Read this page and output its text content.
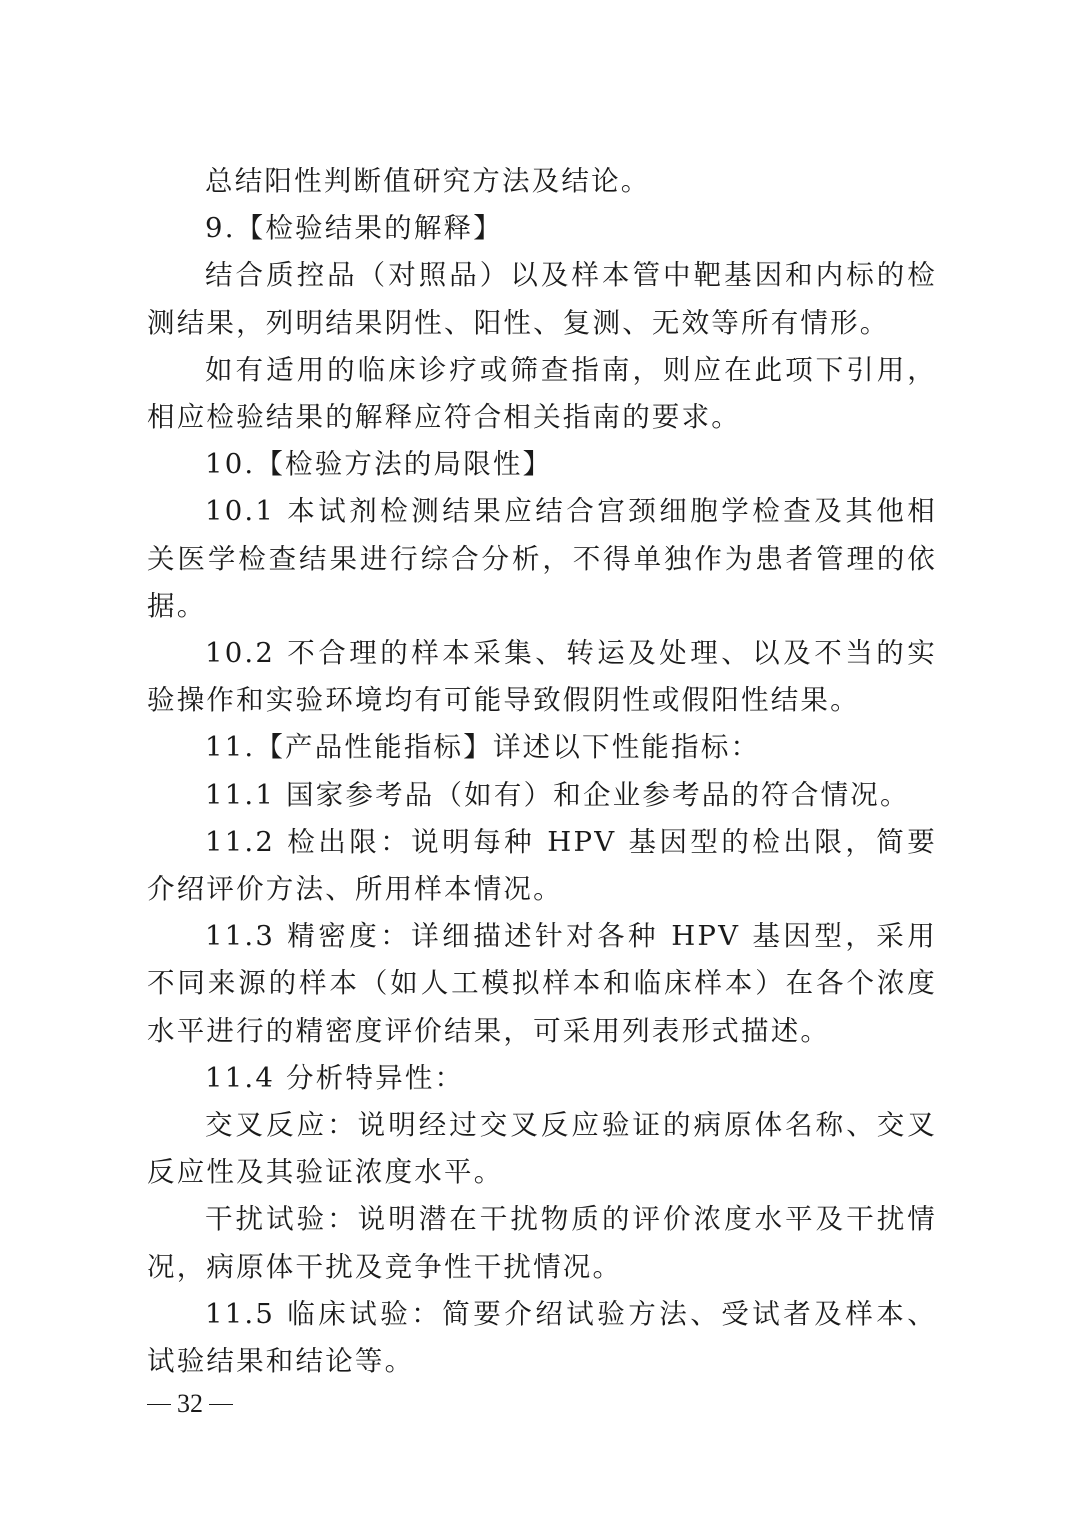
总结阳性判断值研究方法及结论。

9.【检验结果的解释】

结合质控品（对照品）以及样本管中靶基因和内标的检测结果，列明结果阴性、阳性、复测、无效等所有情形。

如有适用的临床诊疗或筛查指南，则应在此项下引用，相应检验结果的解释应符合相关指南的要求。

10.【检验方法的局限性】

10.1 本试剂检测结果应结合宫颈细胞学检查及其他相关医学检查结果进行综合分析，不得单独作为患者管理的依据。

10.2 不合理的样本采集、转运及处理、以及不当的实验操作和实验环境均有可能导致假阴性或假阳性结果。

11.【产品性能指标】详述以下性能指标：

11.1 国家参考品（如有）和企业参考品的符合情况。

11.2 检出限：说明每种 HPV 基因型的检出限，简要介绍评价方法、所用样本情况。

11.3 精密度：详细描述针对各种 HPV 基因型，采用不同来源的样本（如人工模拟样本和临床样本）在各个浓度水平进行的精密度评价结果，可采用列表形式描述。

11.4 分析特异性：

交叉反应：说明经过交叉反应验证的病原体名称、交叉反应性及其验证浓度水平。

干扰试验：说明潜在干扰物质的评价浓度水平及干扰情况，病原体干扰及竞争性干扰情况。

11.5 临床试验：简要介绍试验方法、受试者及样本、试验结果和结论等。

32
